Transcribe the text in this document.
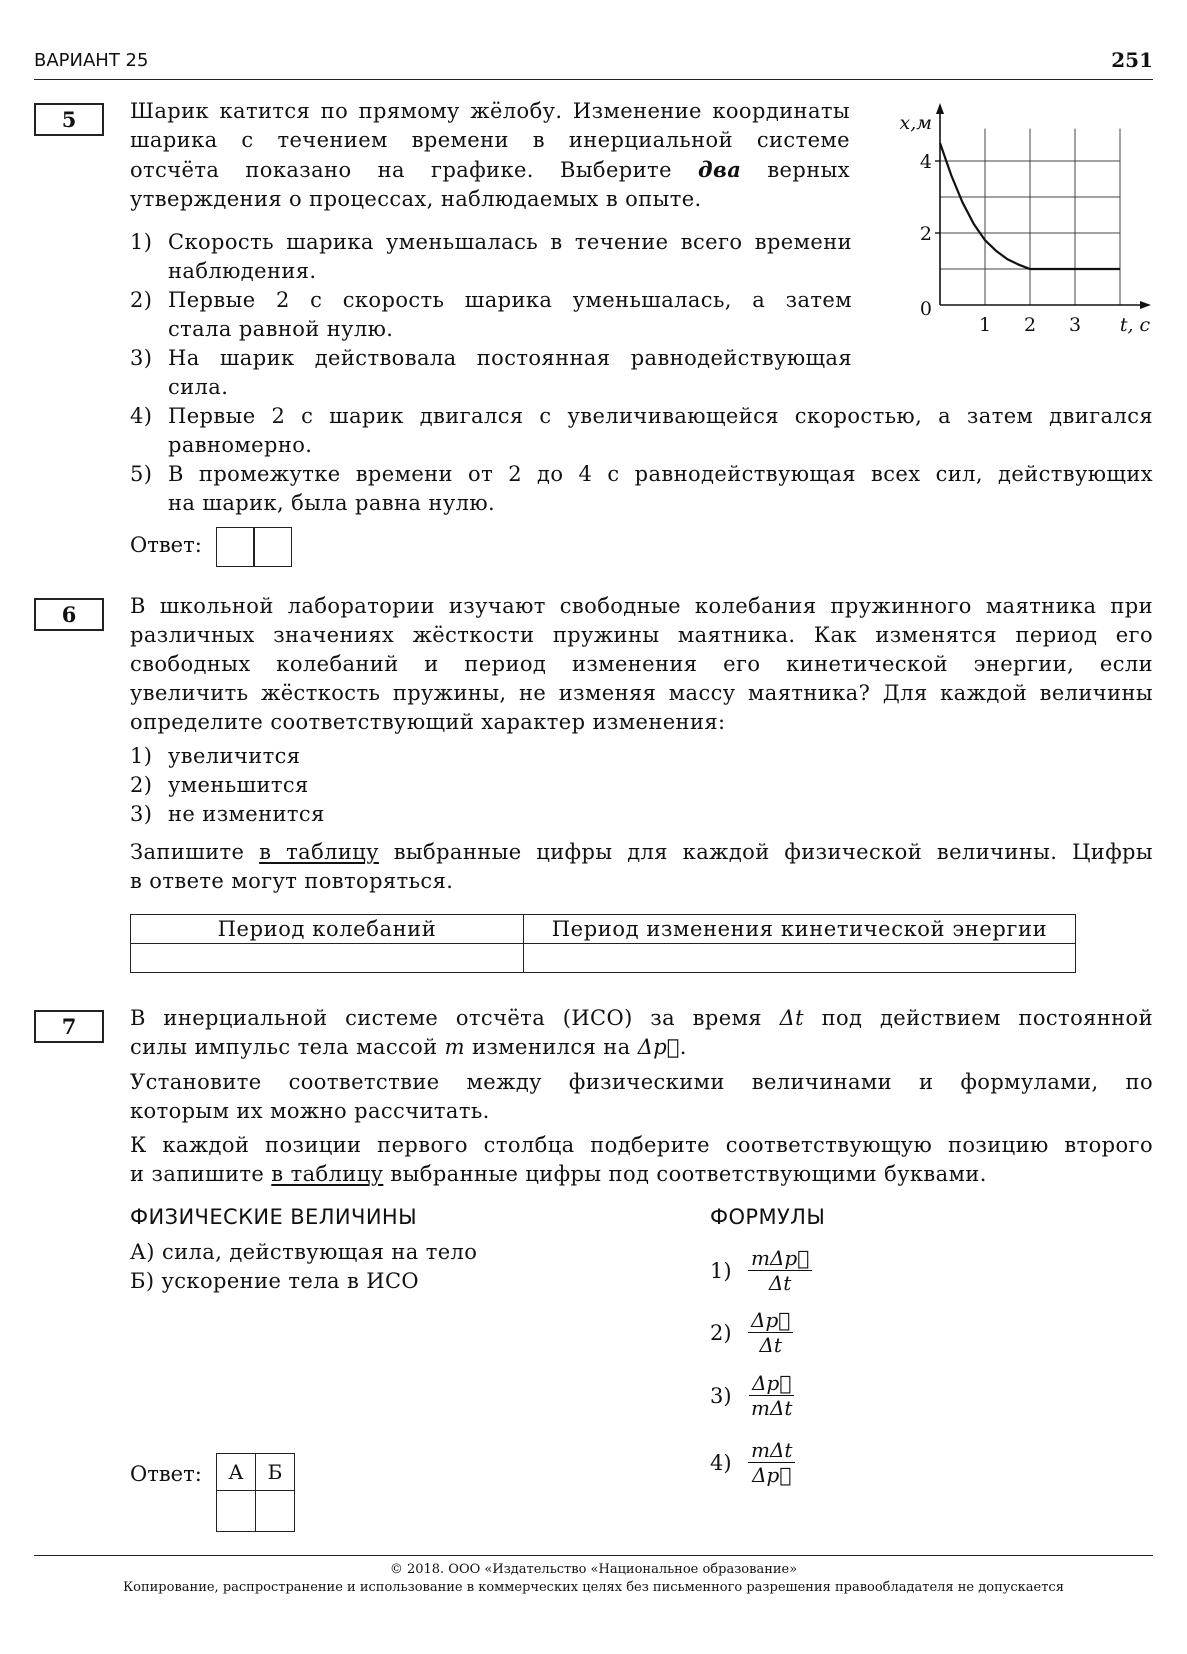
ВАРИАНТ 25	251
5	Шарик катится по прямому жёлобу. Изменение координаты
шарика с течением времени в инерциальной системе
отсчёта показано на графике. Выберите два верных
утверждения о процессах, наблюдаемых в опыте.
1) Скорость шарика уменьшалась в течение всего времени
наблюдения.
2) Первые 2 с скорость шарика уменьшалась, а затем
стала равной нулю.
3) На шарик действовала постоянная равнодействующая
сила.
4) Первые 2 с шарик двигался с увеличивающейся скоростью, а затем двигался
равномерно.
5) В промежутке времени от 2 до 4 с равнодействующая всех сил, действующих
на шарик, была равна нулю.
Ответ:
1 2 3
2
4
0
t, с
x,м
6	В школьной лаборатории изучают свободные колебания пружинного маятника при
различных значениях жёсткости пружины маятника. Как изменятся период его
свободных колебаний и период изменения его кинетической энергии, если
увеличить жёсткость пружины, не изменяя массу маятника? Для каждой величины
определите соответствующий характер изменения:
1) увеличится
2) уменьшится
3) не изменится
Запишите в таблицу выбранные цифры для каждой физической величины. Цифры
в ответе могут повторяться.
Период колебаний	Период изменения кинетической энергии

7	В инерциальной системе отсчёта (ИСО) за время Δt под действием постоянной
силы импульс тела массой m изменился на Δp⃗.
Установите соответствие между физическими величинами и формулами, по
которым их можно рассчитать.
К каждой позиции первого столбца подберите соответствующую позицию второго
и запишите в таблицу выбранные цифры под соответствующими буквами.
ФИЗИЧЕСКИЕ ВЕЛИЧИНЫ	ФОРМУЛЫ
А) сила, действующая на тело
Б) ускорение тела в ИСО	$1) \frac{\text{mΔp⃗}}{\Delta t}$
$2) \frac{\Delta p⃗}{\Delta t}$
$3) \frac{\Delta p⃗}{\text{mΔt}}$
$4) \frac{\text{mΔt}}{\Delta p⃗}$
Ответ: А	Б

© 2018. ООО «Издательство «Национальное образование»
Копирование, распространение и использование в коммерческих целях без письменного разрешения правообладателя не допускается
